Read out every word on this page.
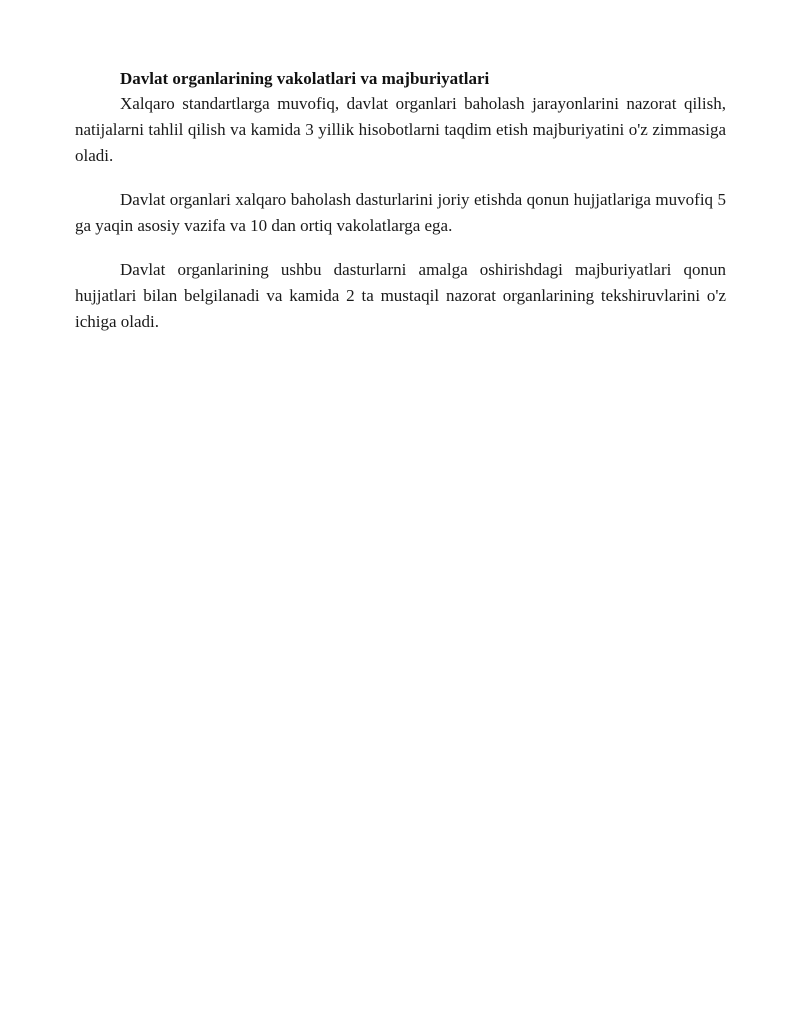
Davlat organlarining vakolatlari va majburiyatlari

Xalqaro standartlarga muvofiq, davlat organlari baholash jarayonlarini nazorat qilish, natijalarni tahlil qilish va kamida 3 yillik hisobotlarni taqdim etish majburiyatini o'z zimmasiga oladi.

Davlat organlari xalqaro baholash dasturlarini joriy etishda qonun hujjatlariga muvofiq 5 ga yaqin asosiy vazifa va 10 dan ortiq vakolatlarga ega.

Davlat organlarining ushbu dasturlarni amalga oshirishdagi majburiyatlari qonun hujjatlari bilan belgilanadi va kamida 2 ta mustaqil nazorat organlarining tekshiruvlarini o'z ichiga oladi.
